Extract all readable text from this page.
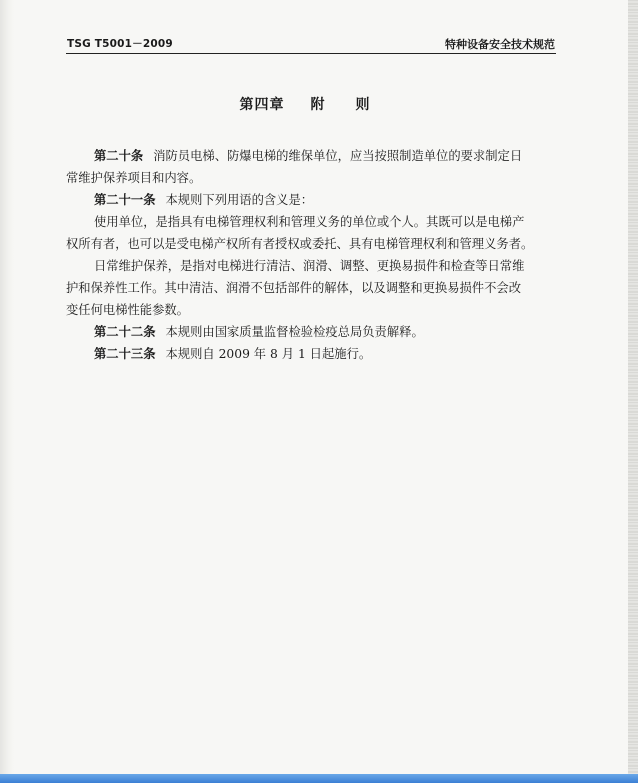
TSG T5001－2009	特种设备安全技术规范
第四章 附　　则

第二十条 消防员电梯、防爆电梯的维保单位，应当按照制造单位的要求制定日

常维护保养项目和内容。

第二十一条 本规则下列用语的含义是：

使用单位，是指具有电梯管理权利和管理义务的单位或个人。其既可以是电梯产

权所有者，也可以是受电梯产权所有者授权或委托、具有电梯管理权利和管理义务者。

日常维护保养，是指对电梯进行清洁、润滑、调整、更换易损件和检查等日常维

护和保养性工作。其中清洁、润滑不包括部件的解体，以及调整和更换易损件不会改

变任何电梯性能参数。

第二十二条 本规则由国家质量监督检验检疫总局负责解释。

第二十三条 本规则自 2009 年 8 月 1 日起施行。
